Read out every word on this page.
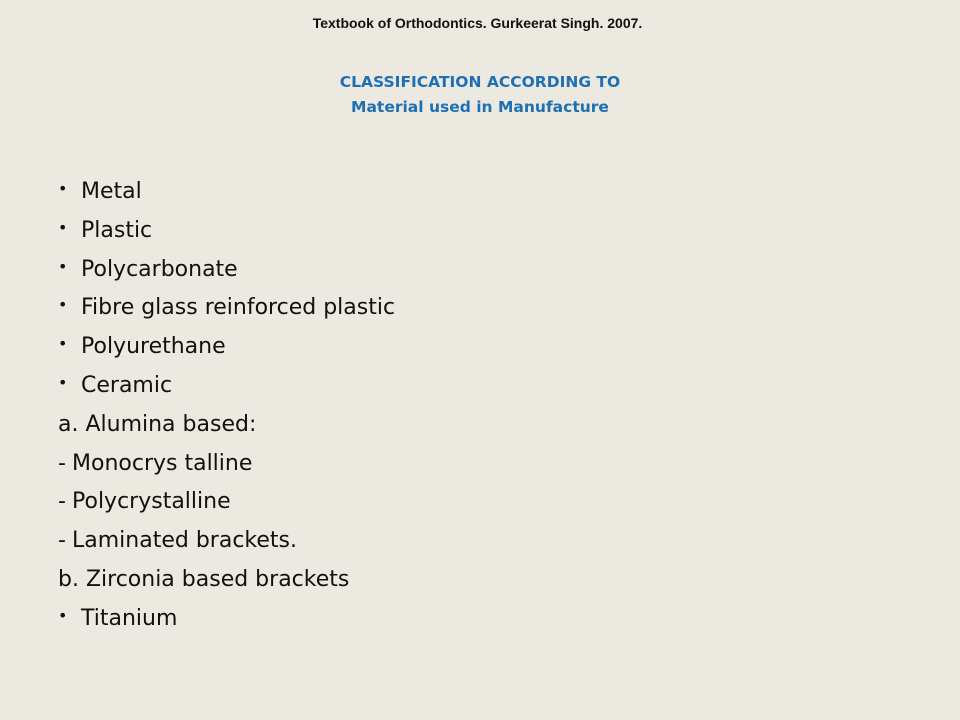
Textbook of Orthodontics. Gurkeerat Singh. 2007.
CLASSIFICATION ACCORDING TO
Material used in Manufacture
• Metal
• Plastic
• Polycarbonate
• Fibre glass reinforced plastic
• Polyurethane
• Ceramic
a. Alumina based:
- Monocrys talline
- Polycrystalline
- Laminated brackets.
b. Zirconia based brackets
• Titanium
